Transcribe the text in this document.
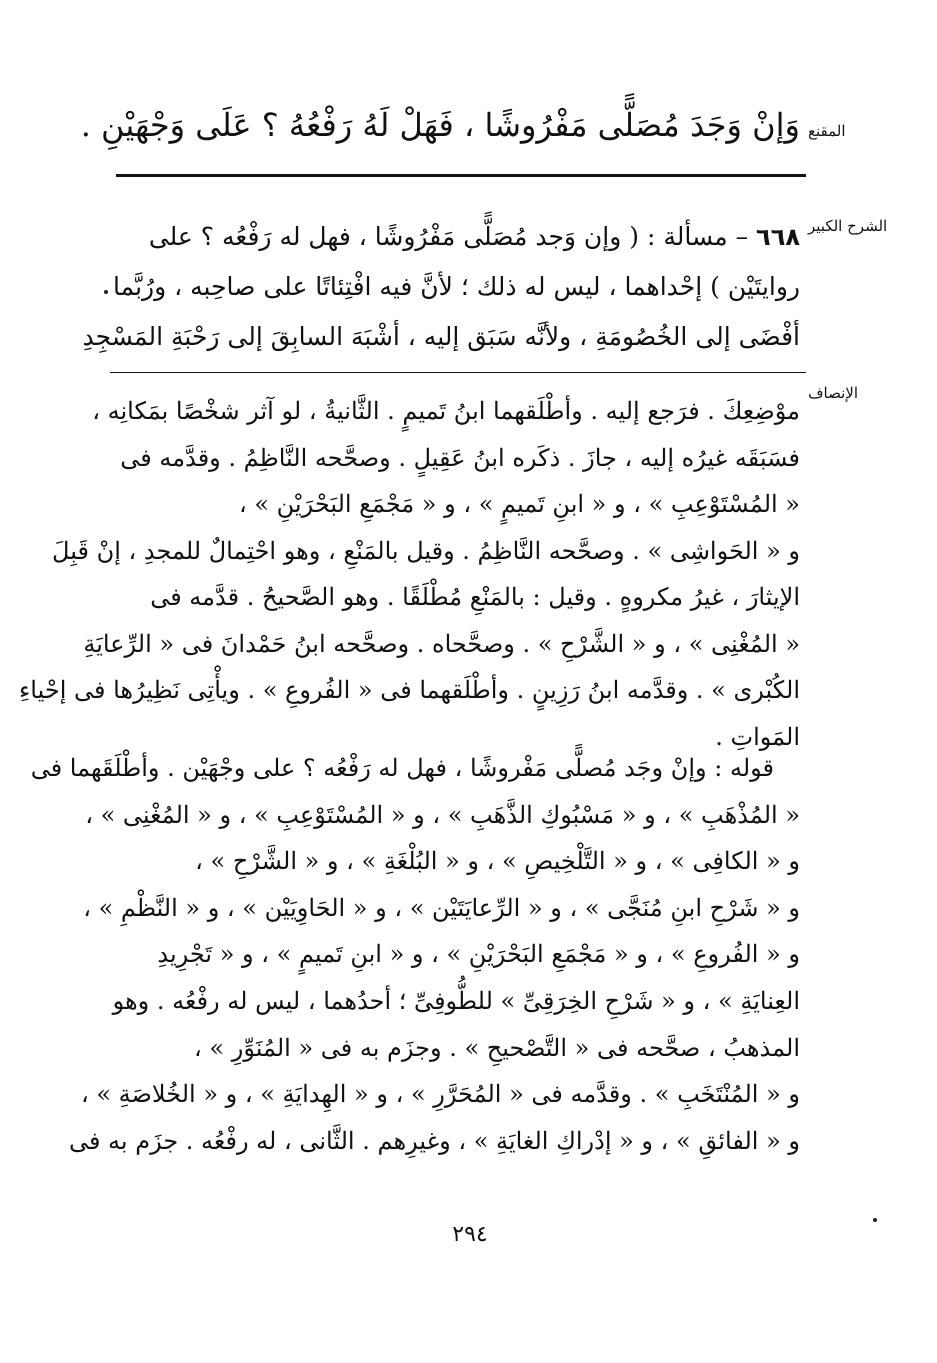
المقنع
وَإنْ وَجَدَ مُصَلًّى مَفْرُوشًا ، فَهَلْ لَهُ رَفْعُهُ ؟ عَلَى وَجْهَيْنِ .
الشرح الكبير
٦٦٨ – مسألة : ( وإن وَجد مُصَلًّى مَفْرُوشًا ، فهل له رَفْعُه ؟ على
روايتَيْن ) إحْداهما ، ليس له ذلك ؛ لأنَّ فيه افْتِئاتًا على صاحِبه ، ورُبَّما
أفْضَى إلى الخُصُومَةِ ، ولأنَّه سَبَق إليه ، أشْبَهَ السابِقَ إلى رَحْبَةِ المَسْجِدِ
الإنصاف
موْضِعِكَ . فرَجع إليه . وأطْلَقهما ابنُ تَميمٍ . الثَّانيةُ ، لو آثر شخْصًا بمَكانِه ،
فسَبَقَه غيرُه إليه ، جازَ . ذكَره ابنُ عَقِيلٍ . وصحَّحه النَّاظِمُ . وقدَّمه فى
« المُسْتَوْعِبِ » ، و « ابنِ تَميمٍ » ، و « مَجْمَعِ البَحْرَيْنِ » ،
و « الحَواشِى » . وصحَّحه النَّاظِمُ . وقيل بالمَنْعِ ، وهو احْتِمالٌ للمجدِ ، إنْ قَبِلَ
الإيثارَ ، غيرُ مكروهٍ . وقيل : بالمَنْعِ مُطْلَقًا . وهو الصَّحيحُ . قدَّمه فى
« المُغْنِى » ، و « الشَّرْحِ » . وصحَّحاه . وصحَّحه ابنُ حَمْدانَ فى « الرِّعايَةِ
الكُبْرى » . وقدَّمه ابنُ رَزِينٍ . وأطْلَقهما فى « الفُروعِ » . ويأْتِى نَظِيرُها فى إحْياءِ
المَواتِ .
قوله : وإنْ وجَد مُصلًّى مَفْروشًا ، فهل له رَفْعُه ؟ على وجْهَيْن . وأطْلَقَهما فى
« المُذْهَبِ » ، و « مَسْبُوكِ الذَّهَبِ » ، و « المُسْتَوْعِبِ » ، و « المُغْنِى » ،
و « الكافِى » ، و « التَّلْخِيصِ » ، و « البُلْغَةِ » ، و « الشَّرْحِ » ،
و « شَرْحِ ابنِ مُنَجَّى » ، و « الرِّعايَتَيْن » ، و « الحَاوِيَيْن » ، و « النَّظْمِ » ،
و « الفُروعِ » ، و « مَجْمَعِ البَحْرَيْنِ » ، و « ابنِ تَميمٍ » ، و « تَجْرِيدِ
العِنايَةِ » ، و « شَرْحِ الخِرَقِىِّ » للطُّوفِىِّ ؛ أحدُهما ، ليس له رفْعُه . وهو
المذهبُ ، صحَّحه فى « التَّصْحيحِ » . وجزَم به فى « المُنَوِّرِ » ،
و « المُنْتَخَبِ » . وقدَّمه فى « المُحَرَّرِ » ، و « الهِدايَةِ » ، و « الخُلاصَةِ » ،
و « الفائقِ » ، و « إدْراكِ الغايَةِ » ، وغيرِهم . الثَّانى ، له رفْعُه . جزَم به فى
٢٩٤
